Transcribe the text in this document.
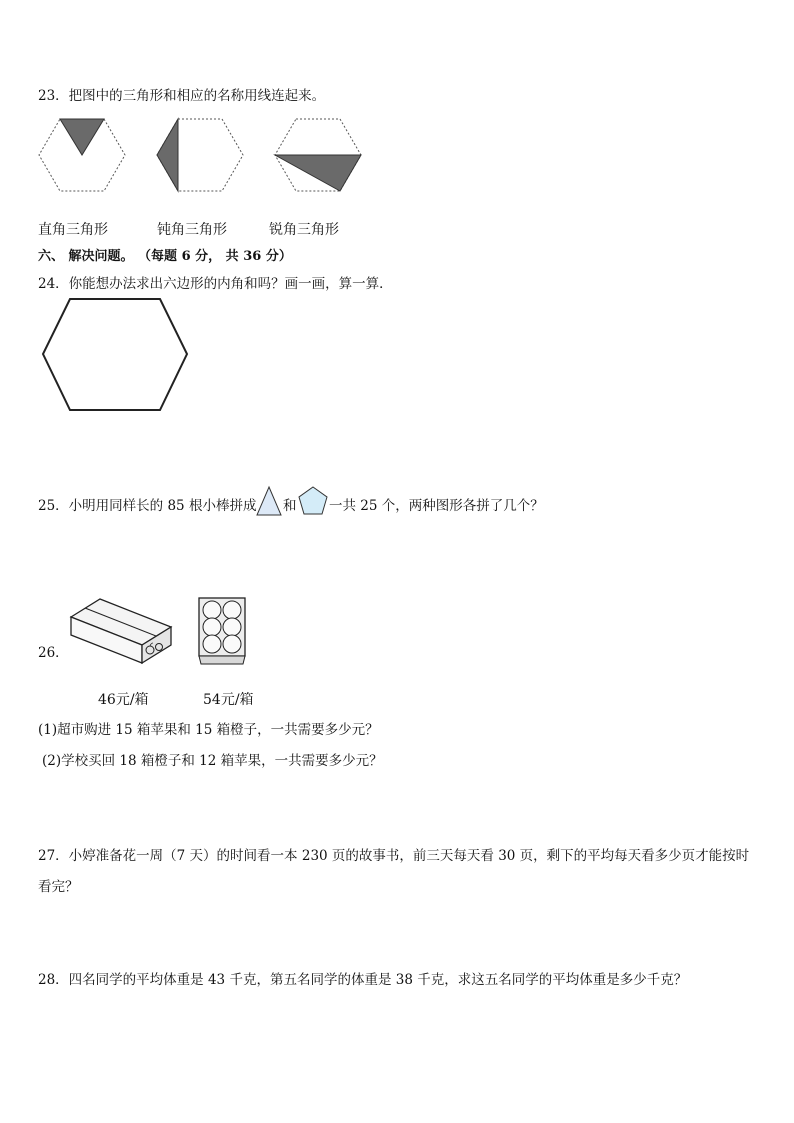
23．把图中的三角形和相应的名称用线连起来。
直角三角形	钝角三角形	锐角三角形
六、 解决问题。 （每题 6 分， 共 36 分）
24．你能想办法求出六边形的内角和吗？画一画，算一算．
25．小明用同样长的 85 根小棒拼成 和 一共 25 个，两种图形各拼了几个？
26．
46元/箱	54元/箱
(1)超市购进 15 箱苹果和 15 箱橙子，一共需要多少元？
(2)学校买回 18 箱橙子和 12 箱苹果，一共需要多少元？
27．小婷准备花一周（7 天）的时间看一本 230 页的故事书，前三天每天看 30 页，剩下的平均每天看多少页才能按时
看完？
28．四名同学的平均体重是 43 千克，第五名同学的体重是 38 千克，求这五名同学的平均体重是多少千克？
